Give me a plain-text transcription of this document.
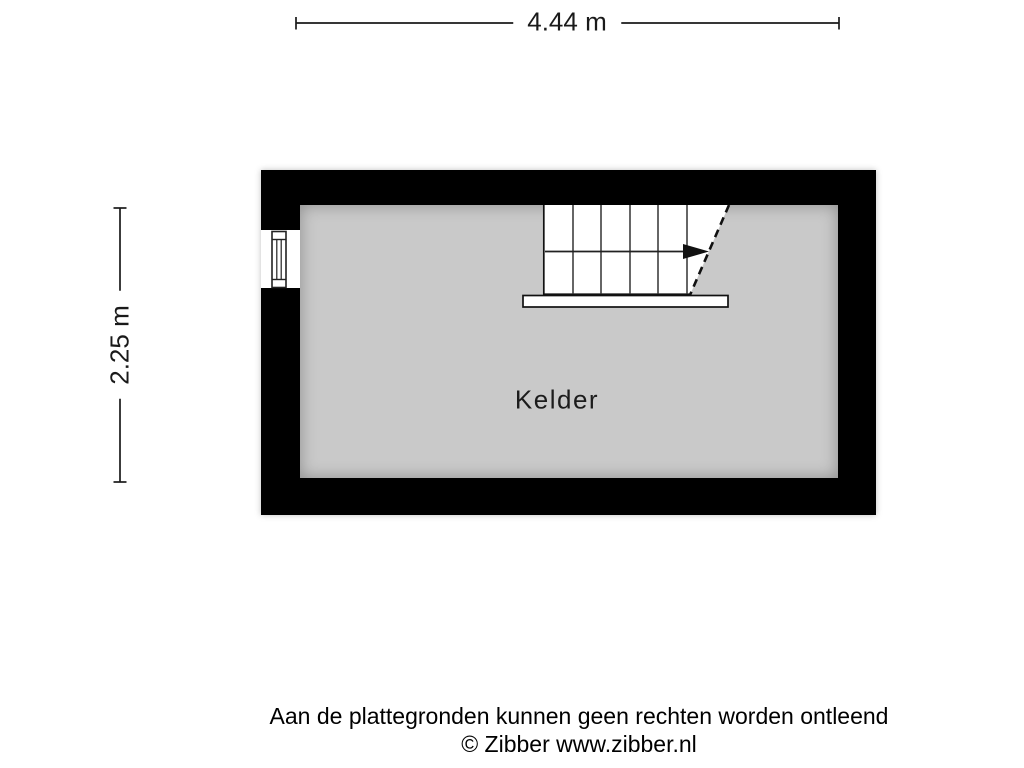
4.44 m
2.25 m
Kelder
Aan de plattegronden kunnen geen rechten worden ontleend
© Zibber www.zibber.nl
